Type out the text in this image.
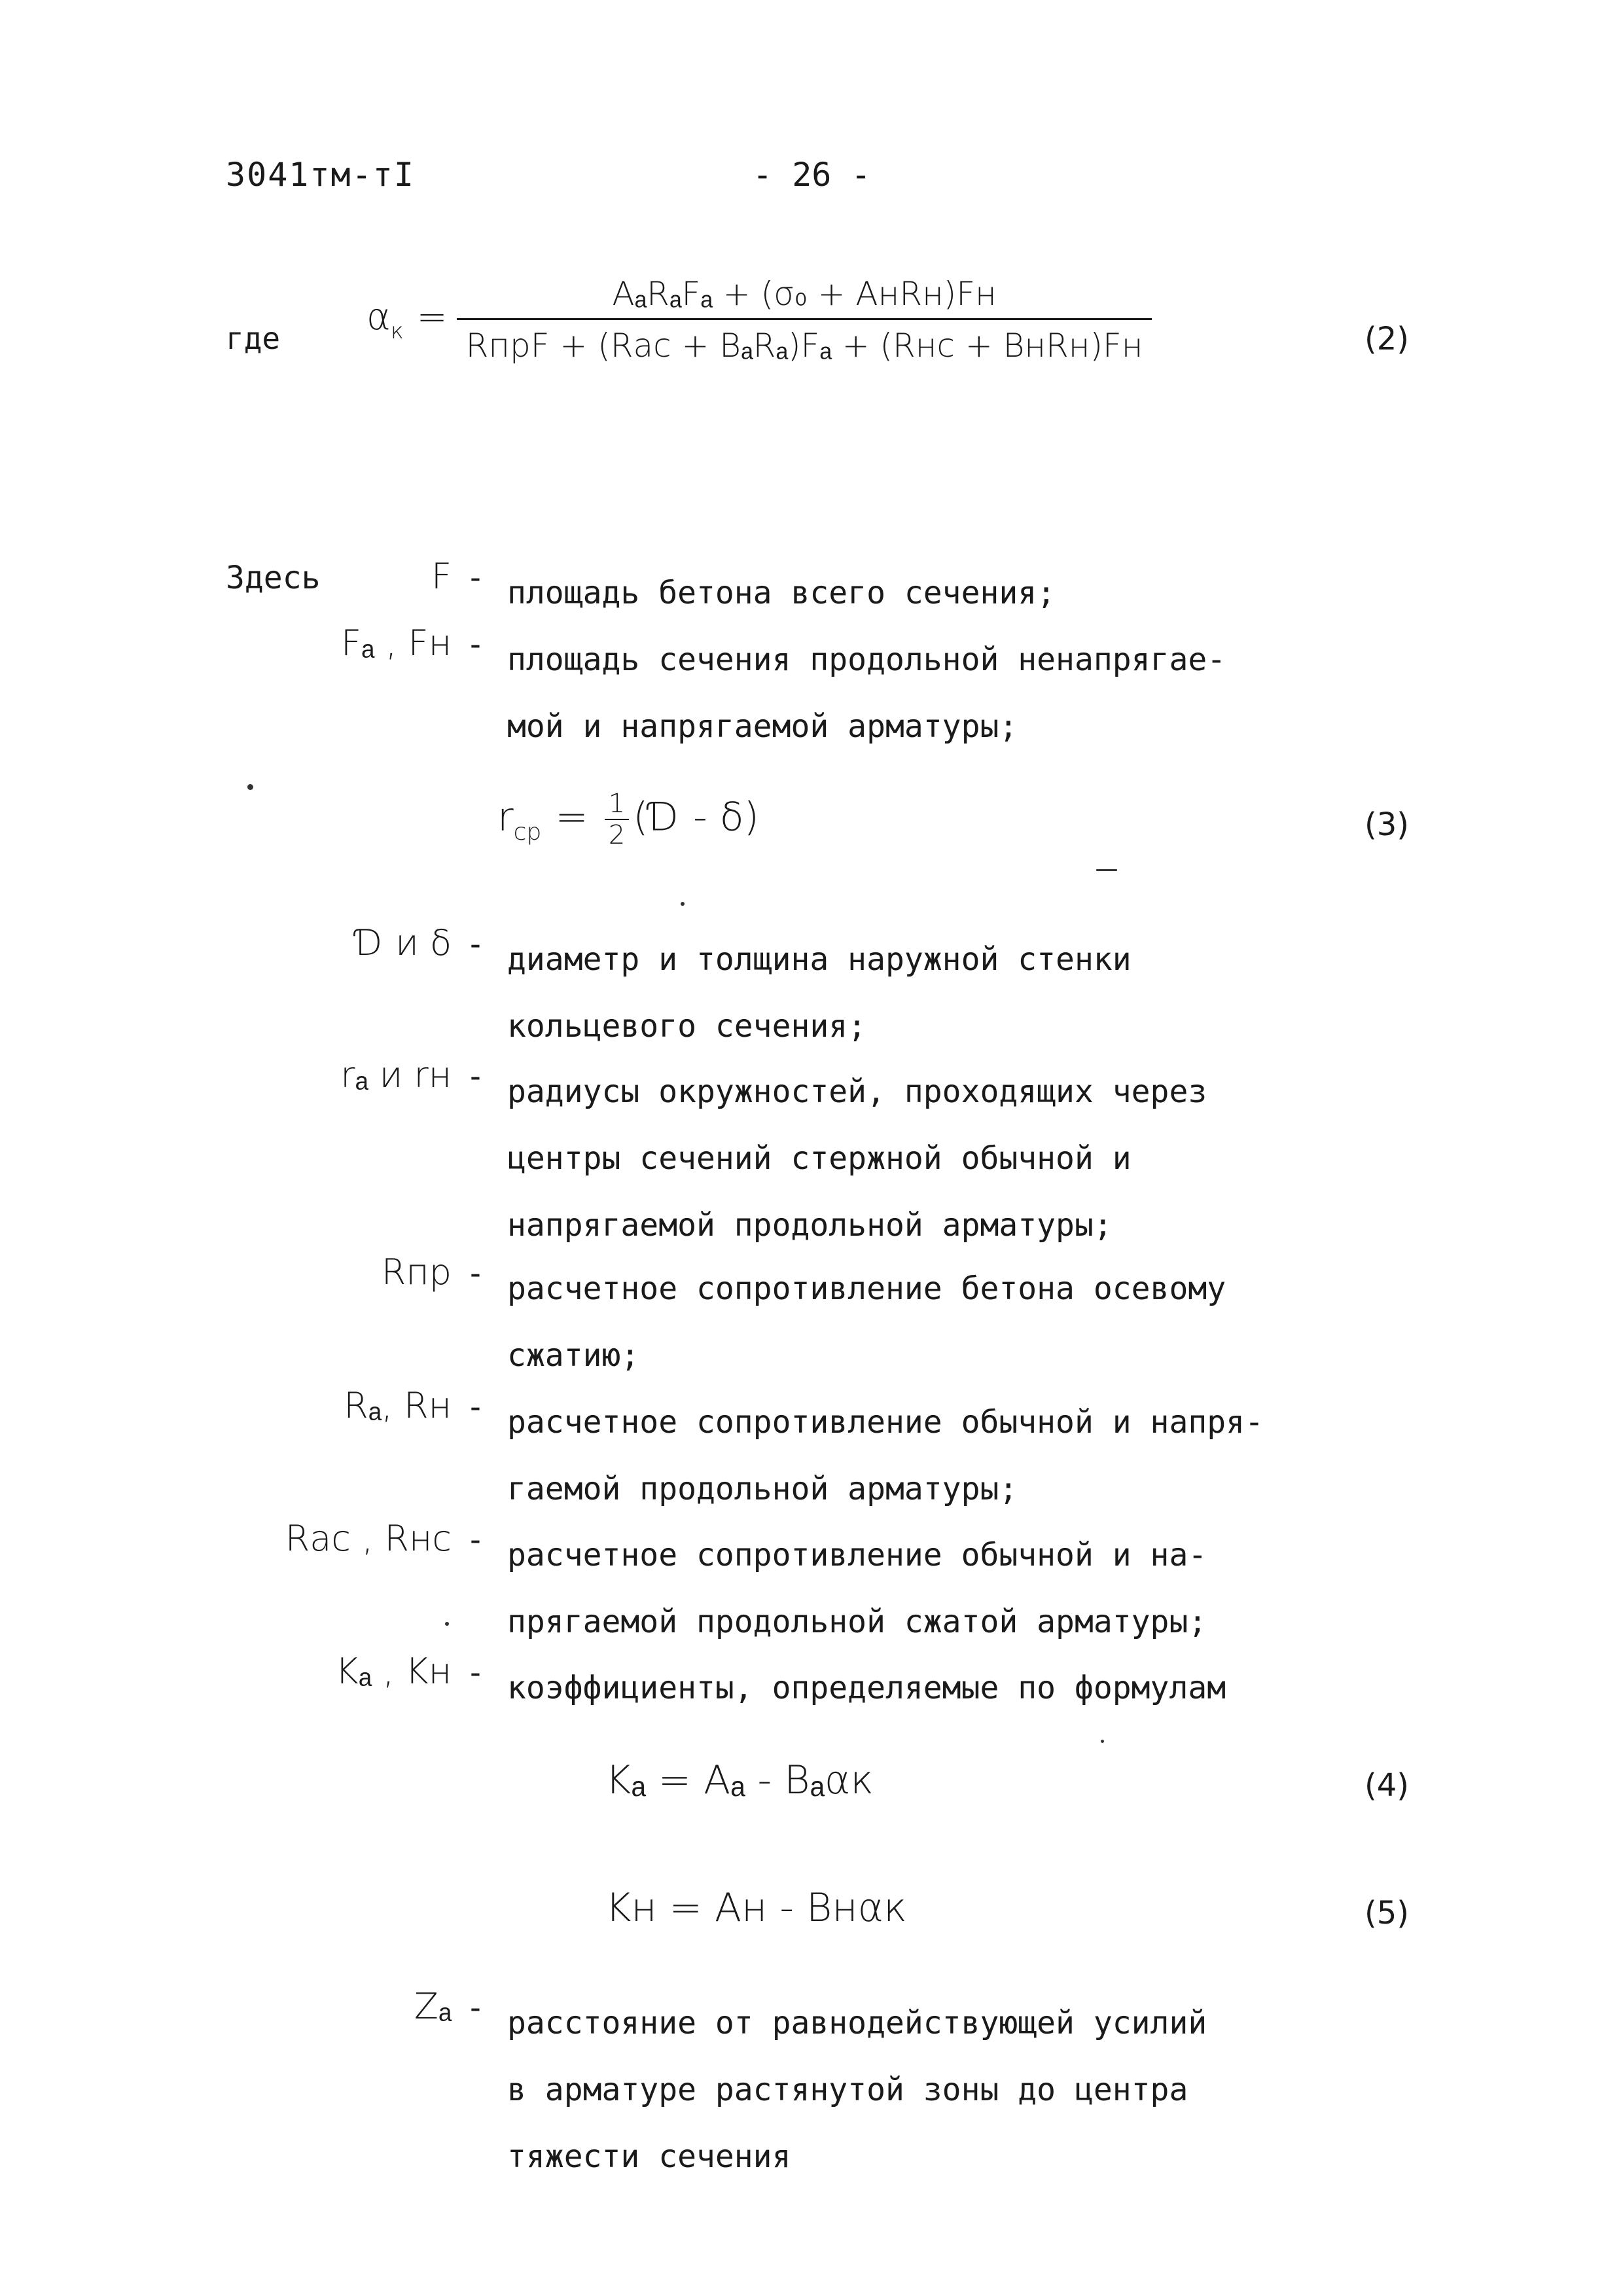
3041тм-тI	- 26 -
где $\alpha_к = \frac{\text{AₐRₐFₐ + (σ₀ + AнRн)Fн}}{\text{RпрF + (Rас + BₐRₐ)Fₐ + (Rнс + BнRн)Fн}}$	(2)
Здесь	F - площадь бетона всего сечения;
Fₐ , Fн - площадь сечения продольной ненапрягае-
мой и напрягаемой арматуры;
$r_{ср} = \frac{1}{2}$ (Ɗ - δ)	(3)
Ɗ и δ - диаметр и толщина наружной стенки
кольцевого сечения;
rₐ и rн - радиусы окружностей, проходящих через
центры сечений стержной обычной и
напрягаемой продольной арматуры;
Rпр - расчетное сопротивление бетона осевому
сжатию;
Rₐ, Rн - расчетное сопротивление обычной и напря-
гаемой продольной арматуры;
Rас , Rнс - расчетное сопротивление обычной и на-
прягаемой продольной сжатой арматуры;
Kₐ , Kн - коэффициенты, определяемые по формулам
Kₐ = Aₐ - Bₐαк	(4)
Kн = Aн - Bнαк	(5)
Zₐ - расстояние от равнодействующей усилий
в арматуре растянутой зоны до центра
тяжести сечения
